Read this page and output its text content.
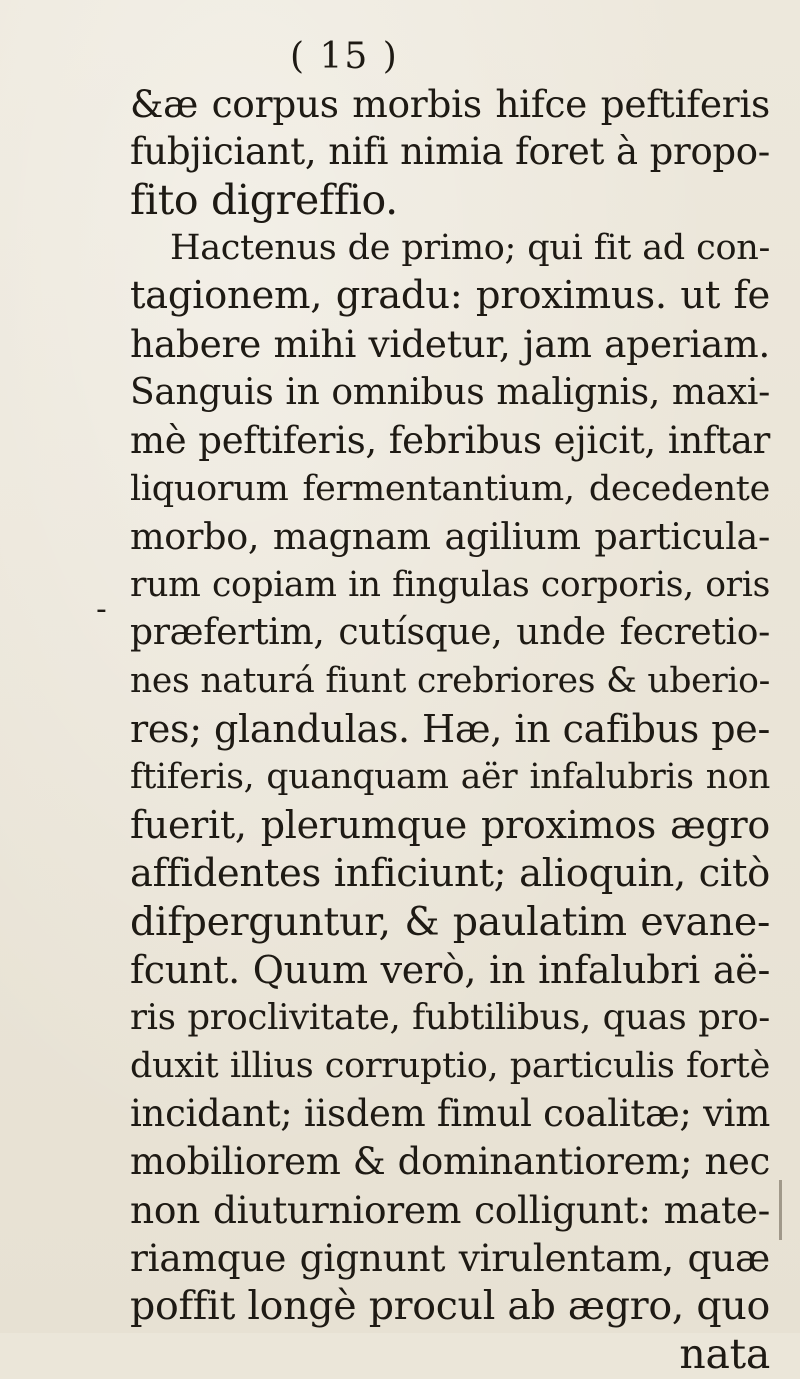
( 15 )
-
&æ corpus morbis hifce peftiferis
fubjiciant, nifi nimia foret à propo-
fito digreffio.
Hactenus de primo; qui fit ad con-
tagionem, gradu: proximus. ut fe
habere mihi videtur, jam aperiam.
Sanguis in omnibus malignis, maxi-
mè peftiferis, febribus ejicit, inftar
liquorum fermentantium, decedente
morbo, magnam agilium particula-
rum copiam in fingulas corporis, oris
præfertim, cutísque, unde fecretio-
nes naturá fiunt crebriores & uberio-
res; glandulas. Hæ, in cafibus pe-
ftiferis, quanquam aër infalubris non
fuerit, plerumque proximos ægro
affidentes inficiunt; alioquin, citò
difperguntur, & paulatim evane-
fcunt. Quum verò, in infalubri aë-
ris proclivitate, fubtilibus, quas pro-
duxit illius corruptio, particulis fortè
incidant; iisdem fimul coalitæ; vim
mobiliorem & dominantiorem; nec
non diuturniorem colligunt: mate-
riamque gignunt virulentam, quæ
poffit longè procul ab ægro, quo
nata
